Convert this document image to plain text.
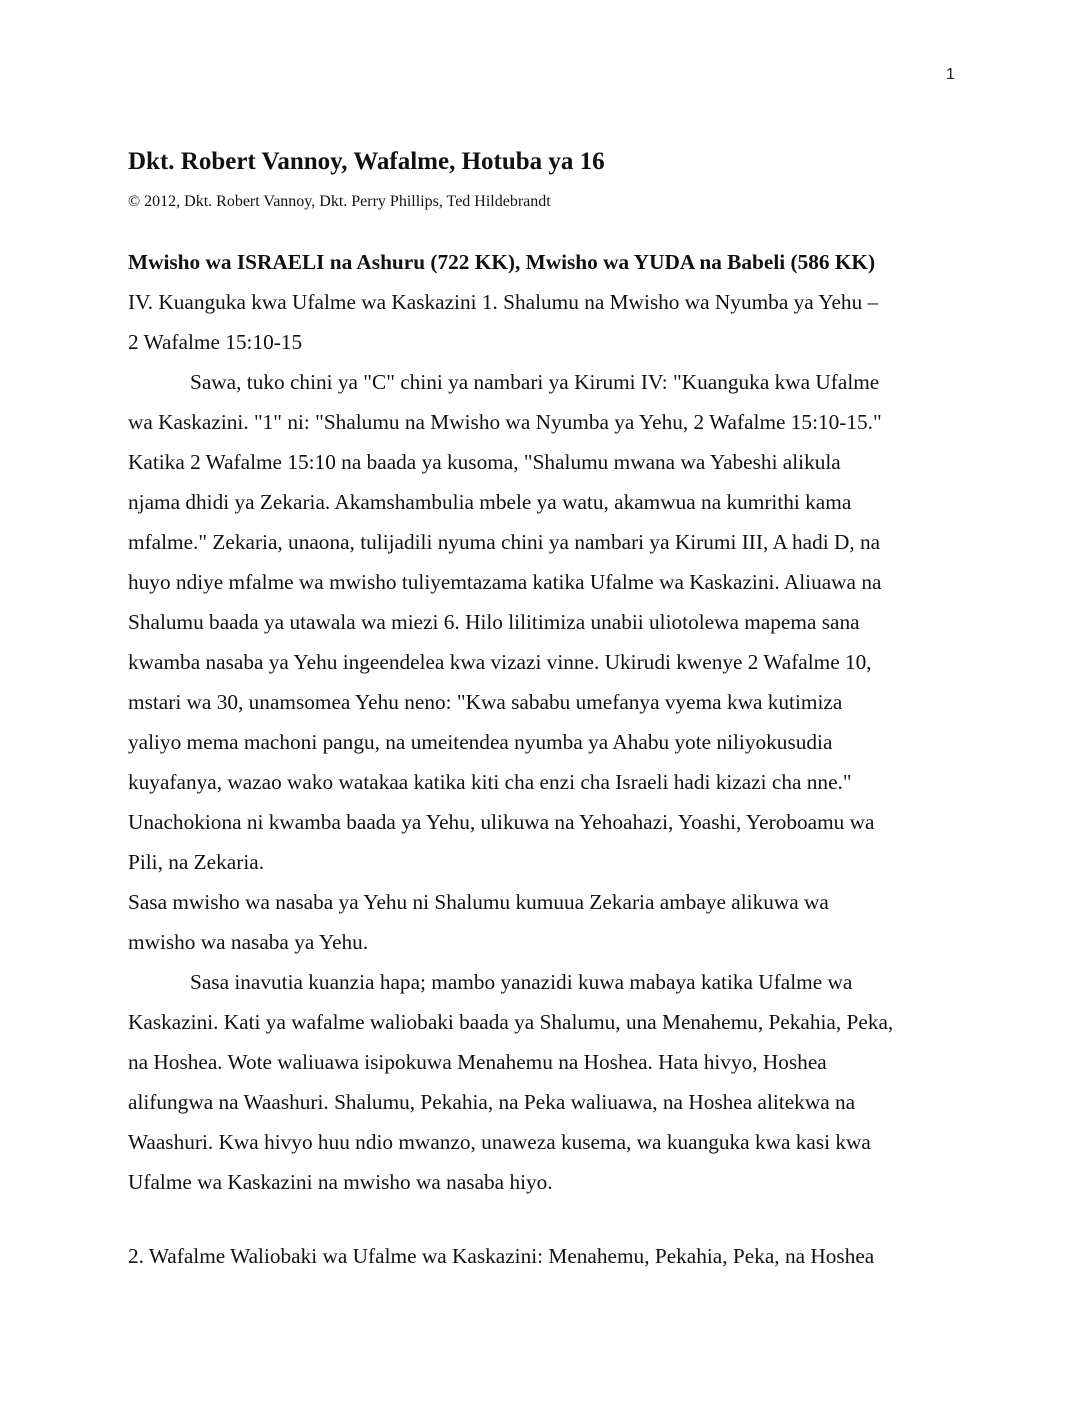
1
Dkt. Robert Vannoy, Wafalme, Hotuba ya 16

© 2012, Dkt. Robert Vannoy, Dkt. Perry Phillips, Ted Hildebrandt

Mwisho wa ISRAELI na Ashuru (722 KK), Mwisho wa YUDA na Babeli (586 KK)
IV. Kuanguka kwa Ufalme wa Kaskazini 1. Shalumu na Mwisho wa Nyumba ya Yehu –
2 Wafalme 15:10-15
Sawa, tuko chini ya "C" chini ya nambari ya Kirumi IV: "Kuanguka kwa Ufalme
wa Kaskazini. "1" ni: "Shalumu na Mwisho wa Nyumba ya Yehu, 2 Wafalme 15:10-15."
Katika 2 Wafalme 15:10 na baada ya kusoma, "Shalumu mwana wa Yabeshi alikula
njama dhidi ya Zekaria. Akamshambulia mbele ya watu, akamwua na kumrithi kama
mfalme." Zekaria, unaona, tulijadili nyuma chini ya nambari ya Kirumi III, A hadi D, na
huyo ndiye mfalme wa mwisho tuliyemtazama katika Ufalme wa Kaskazini. Aliuawa na
Shalumu baada ya utawala wa miezi 6. Hilo lilitimiza unabii uliotolewa mapema sana
kwamba nasaba ya Yehu ingeendelea kwa vizazi vinne. Ukirudi kwenye 2 Wafalme 10,
mstari wa 30, unamsomea Yehu neno: "Kwa sababu umefanya vyema kwa kutimiza
yaliyo mema machoni pangu, na umeitendea nyumba ya Ahabu yote niliyokusudia
kuyafanya, wazao wako watakaa katika kiti cha enzi cha Israeli hadi kizazi cha nne."
Unachokiona ni kwamba baada ya Yehu, ulikuwa na Yehoahazi, Yoashi, Yeroboamu wa
Pili, na Zekaria.
Sasa mwisho wa nasaba ya Yehu ni Shalumu kumuua Zekaria ambaye alikuwa wa
mwisho wa nasaba ya Yehu.
Sasa inavutia kuanzia hapa; mambo yanazidi kuwa mabaya katika Ufalme wa
Kaskazini. Kati ya wafalme waliobaki baada ya Shalumu, una Menahemu, Pekahia, Peka,
na Hoshea. Wote waliuawa isipokuwa Menahemu na Hoshea. Hata hivyo, Hoshea
alifungwa na Waashuri. Shalumu, Pekahia, na Peka waliuawa, na Hoshea alitekwa na
Waashuri. Kwa hivyo huu ndio mwanzo, unaweza kusema, wa kuanguka kwa kasi kwa
Ufalme wa Kaskazini na mwisho wa nasaba hiyo.
2. Wafalme Waliobaki wa Ufalme wa Kaskazini: Menahemu, Pekahia, Peka, na Hoshea
